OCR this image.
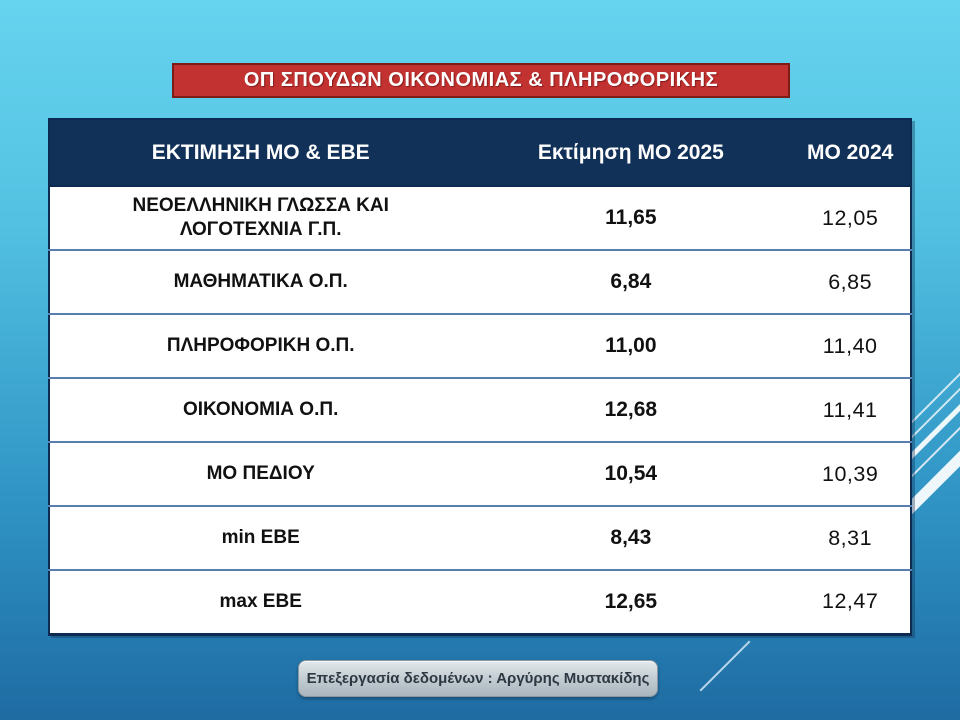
ΟΠ ΣΠΟΥΔΩΝ ΟΙΚΟΝΟΜΙΑΣ & ΠΛΗΡΟΦΟΡΙΚΗΣ
ΕΚΤΙΜΗΣΗ ΜΟ & ΕΒΕ	Εκτίμηση ΜΟ 2025	ΜΟ 2024
ΝΕΟΕΛΛΗΝΙΚΗ ΓΛΩΣΣΑ ΚΑΙ ΛΟΓΟΤΕΧΝΙΑ Γ.Π.	11,65	12,05
ΜΑΘΗΜΑΤΙΚΑ Ο.Π.	6,84	6,85
ΠΛΗΡΟΦΟΡΙΚΗ Ο.Π.	11,00	11,40
ΟΙΚΟΝΟΜΙΑ Ο.Π.	12,68	11,41
ΜΟ ΠΕΔΙΟΥ	10,54	10,39
min ΕΒΕ	8,43	8,31
max ΕΒΕ	12,65	12,47
Επεξεργασία δεδομένων : Αργύρης Μυστακίδης
